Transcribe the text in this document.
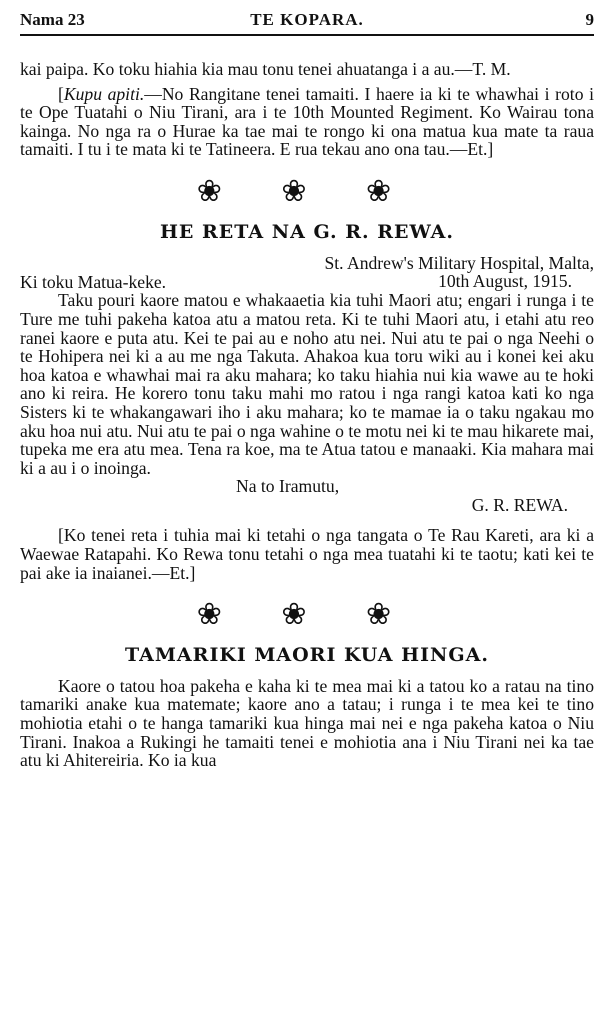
Nama 23	TE KOPARA.	9

kai paipa. Ko toku hiahia kia mau tonu tenei ahuatanga i a au.—T. M.

[Kupu apiti.—No Rangitane tenei tamaiti. I haere ia ki te whawhai i roto i te Ope Tuatahi o Niu Tirani, ara i te 10th Mounted Regiment. Ko Wairau tona kainga. No nga ra o Hurae ka tae mai te rongo ki ona matua kua mate ta raua tamaiti. I tu i te mata ki te Tatineera. E rua tekau ano ona tau.—Et.]

❀ ❀ ❀
HE RETA NA G. R. REWA.

St. Andrew's Military Hospital, Malta,

10th August, 1915.

Ki toku Matua-keke.

Taku pouri kaore matou e whakaaetia kia tuhi Maori atu; engari i runga i te Ture me tuhi pakeha katoa atu a matou reta. Ki te tuhi Maori atu, i etahi atu reo ranei kaore e puta atu. Kei te pai au e noho atu nei. Nui atu te pai o nga Neehi o te Hohipera nei ki a au me nga Takuta. Ahakoa kua toru wiki au i konei kei aku hoa katoa e whawhai mai ra aku mahara; ko taku hiahia nui kia wawe au te hoki ano ki reira. He korero tonu taku mahi mo ratou i nga rangi katoa kati ko nga Sisters ki te whakangawari iho i aku mahara; ko te mamae ia o taku ngakau mo aku hoa nui atu. Nui atu te pai o nga wahine o te motu nei ki te mau hikarete mai, tupeka me era atu mea. Tena ra koe, ma te Atua tatou e manaaki. Kia mahara mai ki a au i o inoinga.

Na to Iramutu,

G. R. REWA.

[Ko tenei reta i tuhia mai ki tetahi o nga tangata o Te Rau Kareti, ara ki a Waewae Ratapahi. Ko Rewa tonu tetahi o nga mea tuatahi ki te taotu; kati kei te pai ake ia inaianei.—Et.]

❀ ❀ ❀
TAMARIKI MAORI KUA HINGA.

Kaore o tatou hoa pakeha e kaha ki te mea mai ki a tatou ko a ratau na tino tamariki anake kua matemate; kaore ano a tatau; i runga i te mea kei te tino mohiotia etahi o te hanga tamariki kua hinga mai nei e nga pakeha katoa o Niu Tirani. Inakoa a Rukingi he tamaiti tenei e mohiotia ana i Niu Tirani nei ka tae atu ki Ahitereiria. Ko ia kua
